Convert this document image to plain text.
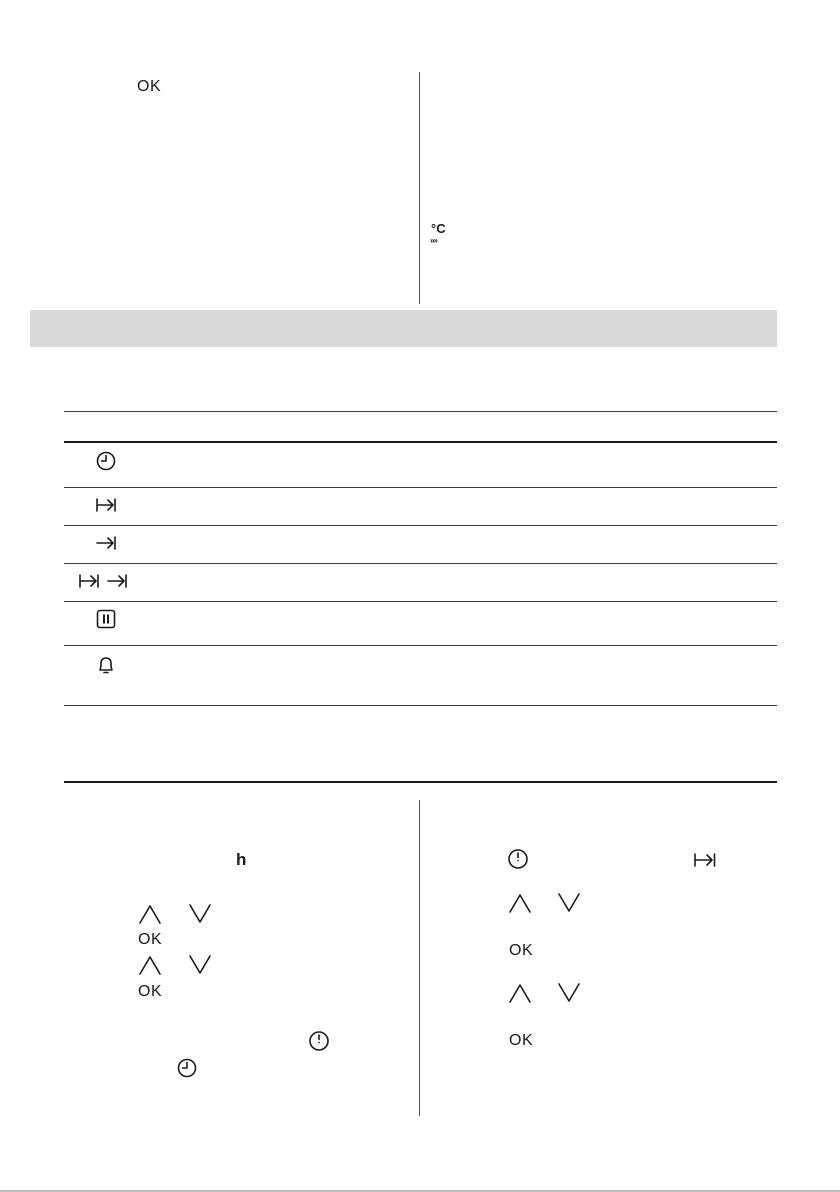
OK
°C
»»
h
OK
OK
OK
OK
